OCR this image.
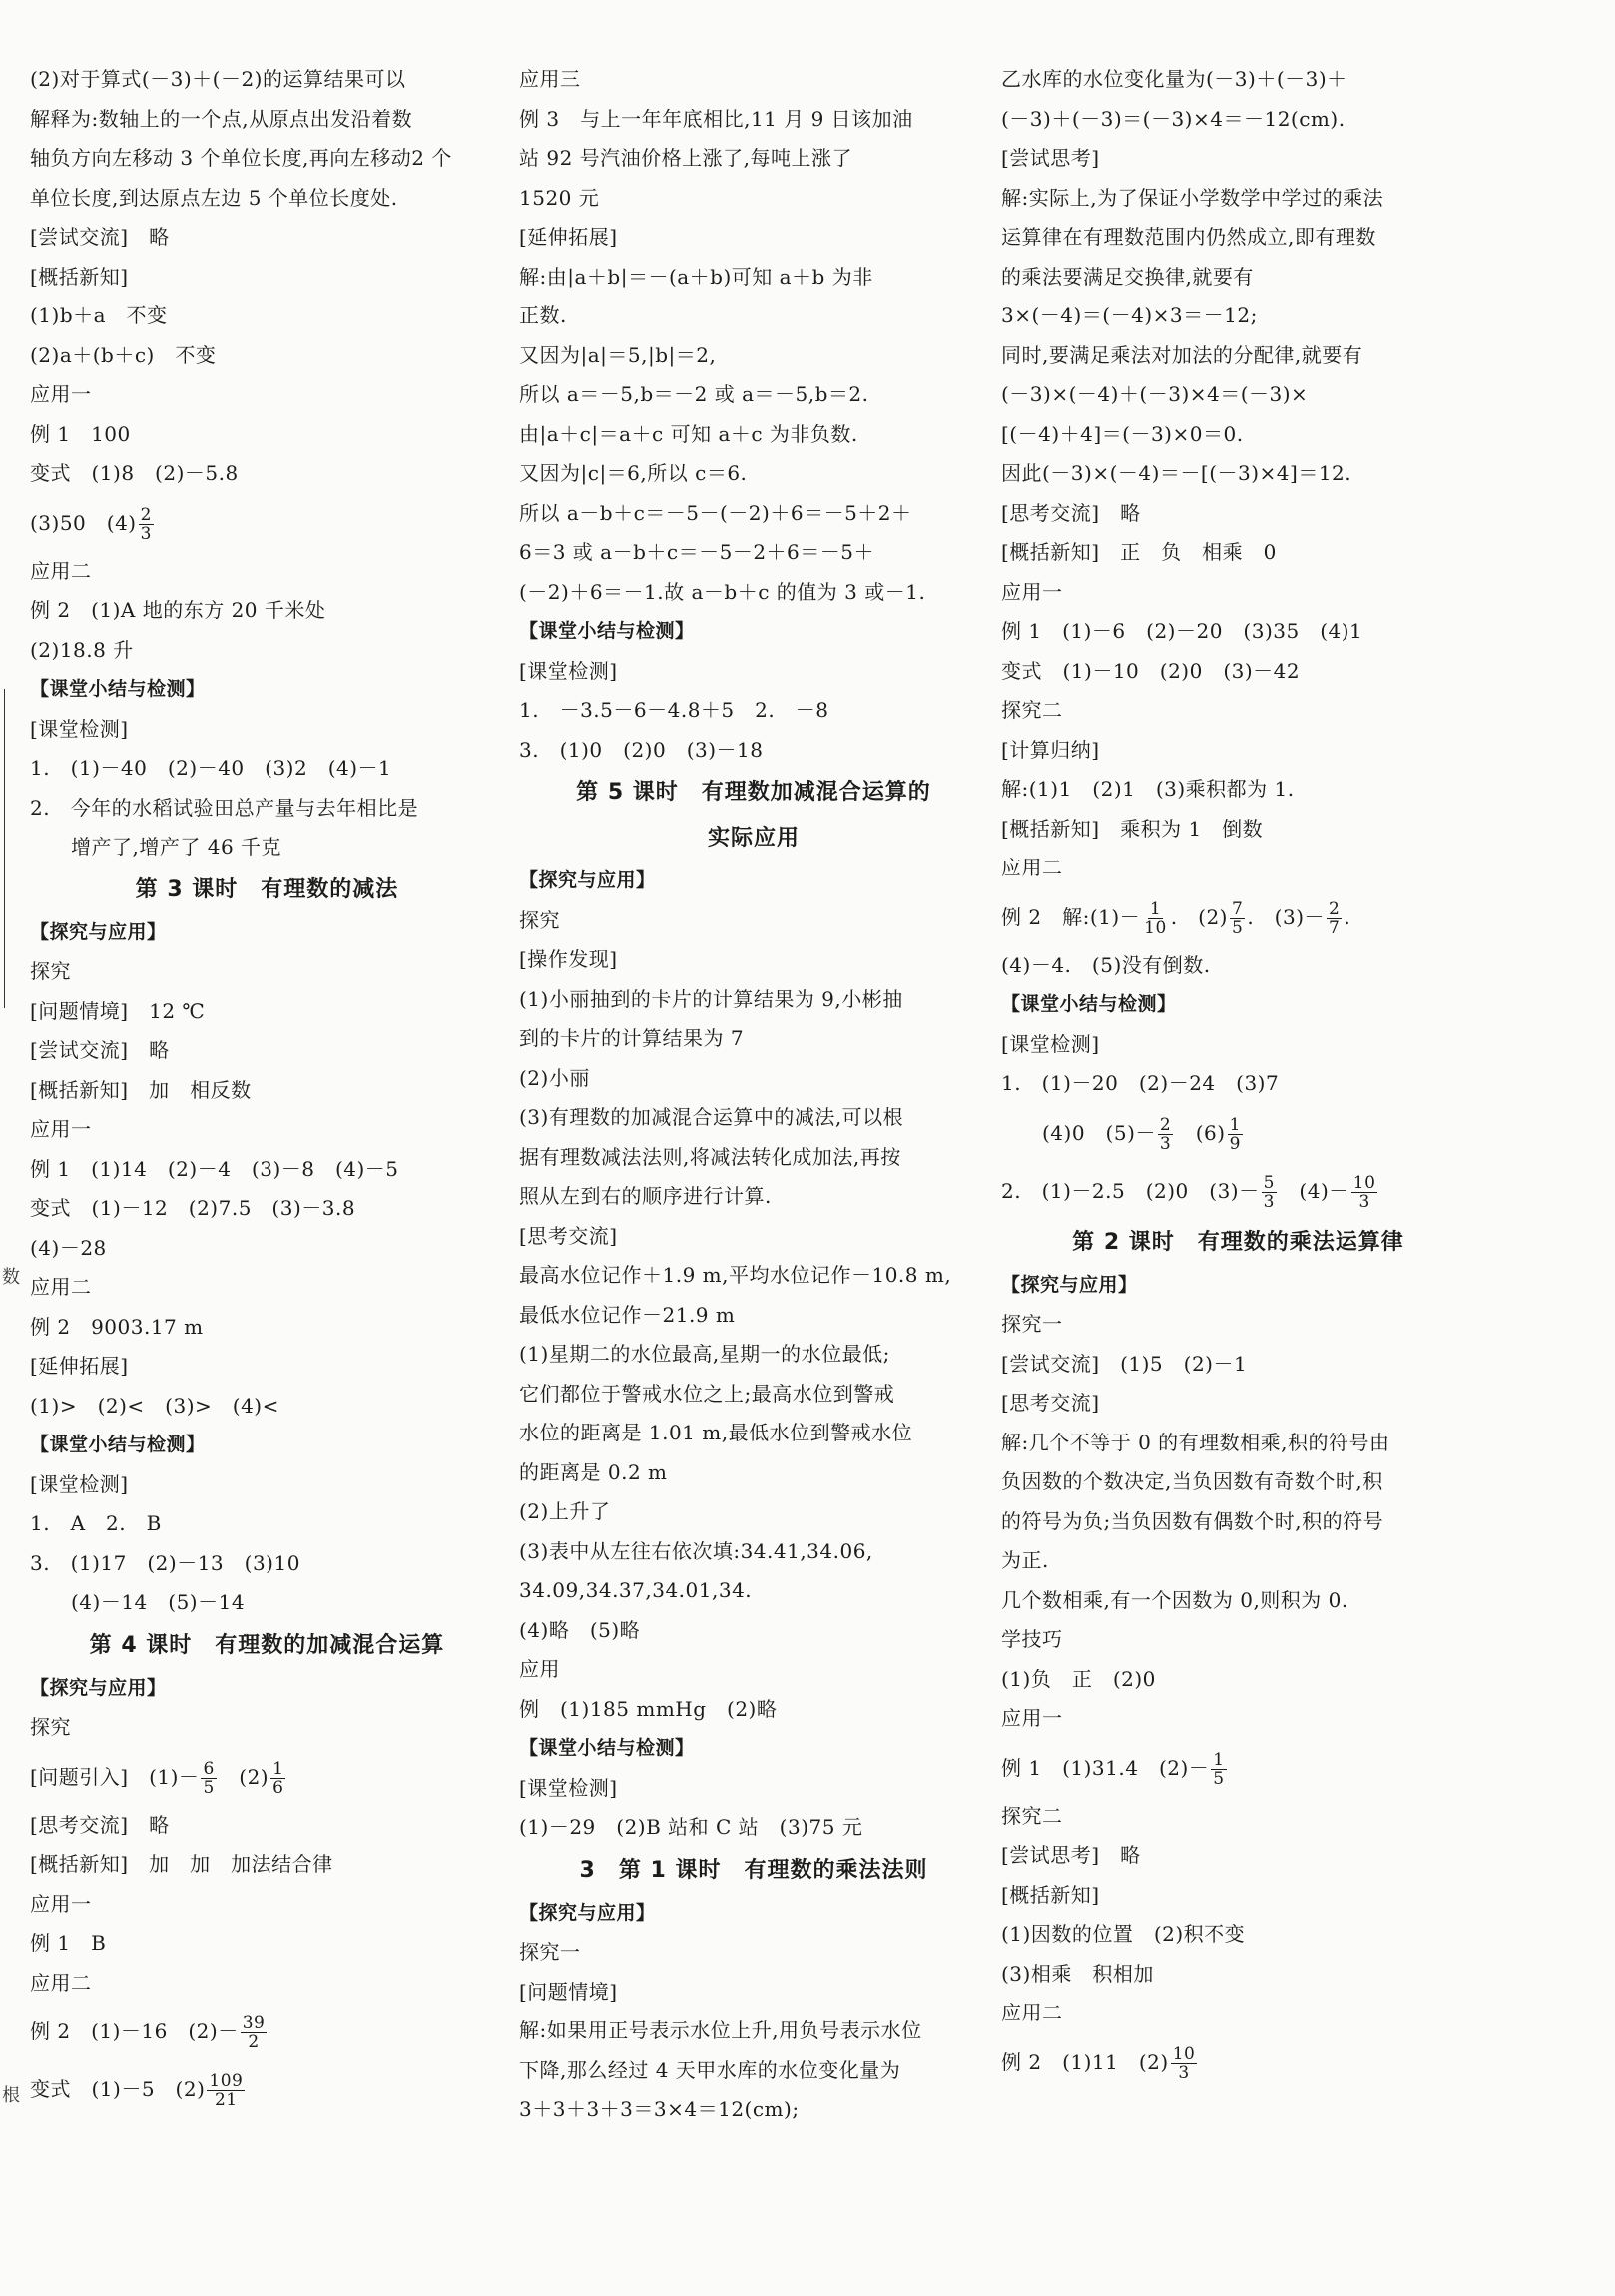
(2)对于算式(－3)＋(－2)的运算结果可以
解释为:数轴上的一个点,从原点出发沿着数
轴负方向左移动 3 个单位长度,再向左移动2 个
单位长度,到达原点左边 5 个单位长度处.
[尝试交流]　略
[概括新知]
(1)b＋a　不变
(2)a＋(b＋c)　不变
应用一
例 1　100
变式　(1)8　(2)－5.8
(3)50　$(4) \frac{2}{3}$
应用二
例 2　(1)A 地的东方 20 千米处
(2)18.8 升
【课堂小结与检测】
[课堂检测]
1.　(1)－40　(2)－40　(3)2　(4)－1
2.　今年的水稻试验田总产量与去年相比是
　　增产了,增产了 46 千克
第 3 课时　有理数的减法
【探究与应用】
探究
[问题情境]　12 ℃
[尝试交流]　略
[概括新知]　加　相反数
应用一
例 1　(1)14　(2)－4　(3)－8　(4)－5
变式　(1)－12　(2)7.5　(3)－3.8
(4)－28
应用二
例 2　9003.17 m
[延伸拓展]
(1)>　(2)<　(3)>　(4)<
【课堂小结与检测】
[课堂检测]
1.　A　2.　B
3.　(1)17　(2)－13　(3)10
　　(4)－14　(5)－14
第 4 课时　有理数的加减混合运算
【探究与应用】
探究
[问题引入]　$(1)- \frac{6}{5}$ 　$(2) \frac{1}{6}$
[思考交流]　略
[概括新知]　加　加　加法结合律
应用一
例 1　B
应用二
例 2　(1)－16　$(2)- \frac{39}{2}$
变式　(1)－5　$(2) \frac{109}{21}$
应用三
例 3　与上一年年底相比,11 月 9 日该加油
站 92 号汽油价格上涨了,每吨上涨了
1520 元
[延伸拓展]
解:由|a＋b|＝－(a＋b)可知 a＋b 为非
正数.
又因为|a|＝5,|b|＝2,
所以 a＝－5,b＝－2 或 a＝－5,b＝2.
由|a＋c|＝a＋c 可知 a＋c 为非负数.
又因为|c|＝6,所以 c＝6.
所以 a－b＋c＝－5－(－2)＋6＝－5＋2＋
6＝3 或 a－b＋c＝－5－2＋6＝－5＋
(－2)＋6＝－1.故 a－b＋c 的值为 3 或－1.
【课堂小结与检测】
[课堂检测]
1.　－3.5－6－4.8＋5　2.　－8
3.　(1)0　(2)0　(3)－18
第 5 课时　有理数加减混合运算的
实际应用
【探究与应用】
探究
[操作发现]
(1)小丽抽到的卡片的计算结果为 9,小彬抽
到的卡片的计算结果为 7
(2)小丽
(3)有理数的加减混合运算中的减法,可以根
据有理数减法法则,将减法转化成加法,再按
照从左到右的顺序进行计算.
[思考交流]
最高水位记作＋1.9 m,平均水位记作－10.8 m,
最低水位记作－21.9 m
(1)星期二的水位最高,星期一的水位最低;
它们都位于警戒水位之上;最高水位到警戒
水位的距离是 1.01 m,最低水位到警戒水位
的距离是 0.2 m
(2)上升了
(3)表中从左往右依次填:34.41,34.06,
34.09,34.37,34.01,34.
(4)略　(5)略
应用
例　(1)185 mmHg　(2)略
【课堂小结与检测】
[课堂检测]
(1)－29　(2)B 站和 C 站　(3)75 元
3　第 1 课时　有理数的乘法法则
【探究与应用】
探究一
[问题情境]
解:如果用正号表示水位上升,用负号表示水位
下降,那么经过 4 天甲水库的水位变化量为
3＋3＋3＋3＝3×4＝12(cm);
乙水库的水位变化量为(－3)＋(－3)＋
(－3)＋(－3)＝(－3)×4＝－12(cm).
[尝试思考]
解:实际上,为了保证小学数学中学过的乘法
运算律在有理数范围内仍然成立,即有理数
的乘法要满足交换律,就要有
3×(－4)＝(－4)×3＝－12;
同时,要满足乘法对加法的分配律,就要有
(－3)×(－4)＋(－3)×4＝(－3)×
[(－4)＋4]＝(－3)×0＝0.
因此(－3)×(－4)＝－[(－3)×4]＝12.
[思考交流]　略
[概括新知]　正　负　相乘　0
应用一
例 1　(1)－6　(2)－20　(3)35　(4)1
变式　(1)－10　(2)0　(3)－42
探究二
[计算归纳]
解:(1)1　(2)1　(3)乘积都为 1.
[概括新知]　乘积为 1　倒数
应用二
例 2　解:(1)－ $\frac{1}{10}$ .　$(2) \frac{7}{5}$ .　$(3)- \frac{2}{7}$ .
(4)－4.　(5)没有倒数.
【课堂小结与检测】
[课堂检测]
1.　(1)－20　(2)－24　(3)7
　　(4)0　$(5)- \frac{2}{3}$ 　$(6) \frac{1}{9}$
2.　(1)－2.5　(2)0　$(3)- \frac{5}{3}$ 　$(4)- \frac{10}{3}$
第 2 课时　有理数的乘法运算律
【探究与应用】
探究一
[尝试交流]　(1)5　(2)－1
[思考交流]
解:几个不等于 0 的有理数相乘,积的符号由
负因数的个数决定,当负因数有奇数个时,积
的符号为负;当负因数有偶数个时,积的符号
为正.
几个数相乘,有一个因数为 0,则积为 0.
学技巧
(1)负　正　(2)0
应用一
例 1　(1)31.4　$(2)- \frac{1}{5}$
探究二
[尝试思考]　略
[概括新知]
(1)因数的位置　(2)积不变
(3)相乘　积相加
应用二
例 2　(1)11　$(2) \frac{10}{3}$
数
根
